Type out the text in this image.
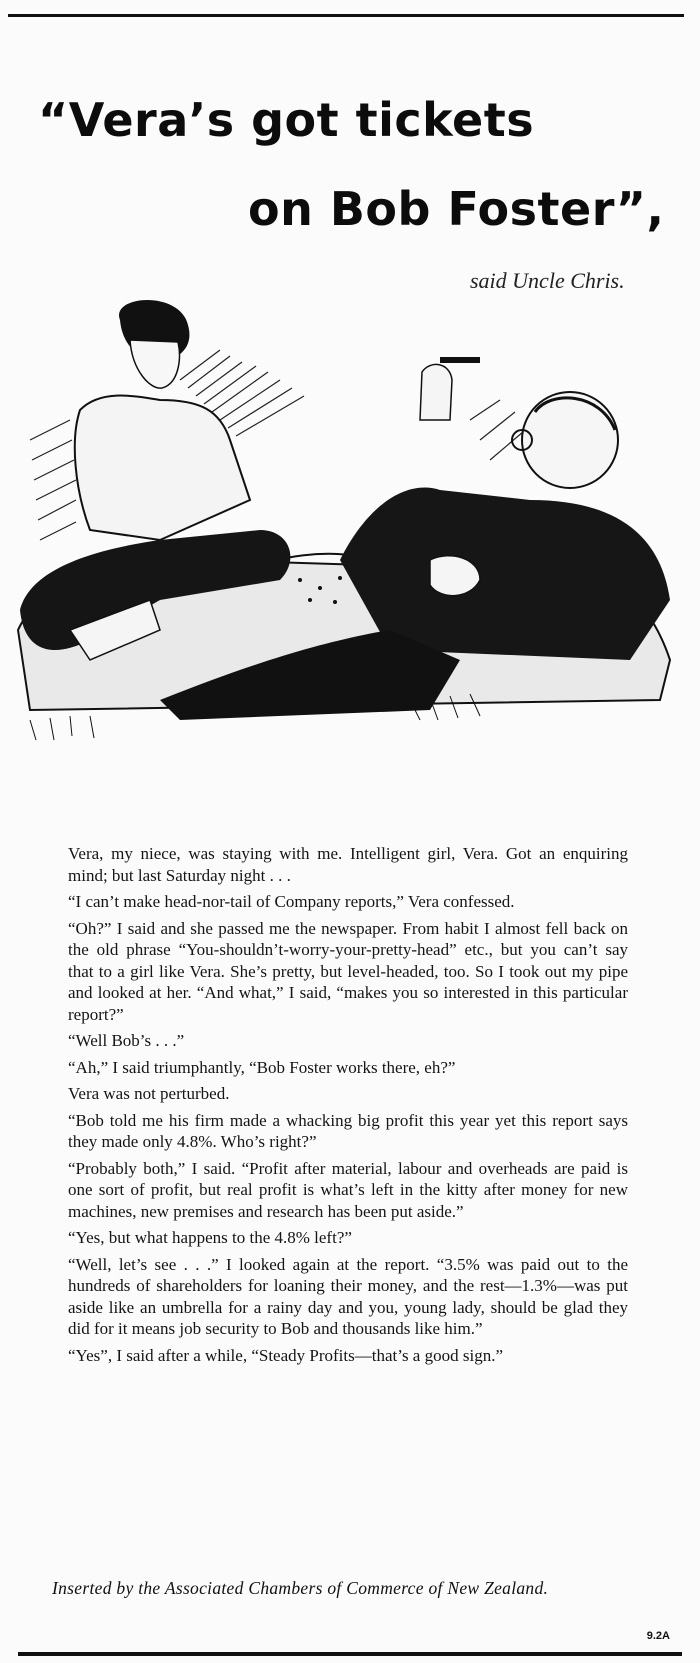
“Vera’s got tickets
on Bob Foster”,
said Uncle Chris.

Vera, my niece, was staying with me. Intelligent girl, Vera. Got an enquiring mind; but last Saturday night . . .

“I can’t make head-nor-tail of Company reports,” Vera confessed.

“Oh?” I said and she passed me the newspaper. From habit I almost fell back on the old phrase “You-shouldn’t-worry-your-pretty-head” etc., but you can’t say that to a girl like Vera. She’s pretty, but level-headed, too. So I took out my pipe and looked at her. “And what,” I said, “makes you so interested in this particular report?”

“Well Bob’s . . .”

“Ah,” I said triumphantly, “Bob Foster works there, eh?”

Vera was not perturbed.

“Bob told me his firm made a whacking big profit this year yet this report says they made only 4.8%. Who’s right?”

“Probably both,” I said. “Profit after material, labour and overheads are paid is one sort of profit, but real profit is what’s left in the kitty after money for new machines, new premises and research has been put aside.”

“Yes, but what happens to the 4.8% left?”

“Well, let’s see . . .” I looked again at the report. “3.5% was paid out to the hundreds of shareholders for loaning their money, and the rest—1.3%—was put aside like an umbrella for a rainy day and you, young lady, should be glad they did for it means job security to Bob and thousands like him.”

“Yes”, I said after a while, “Steady Profits—that’s a good sign.”

Inserted by the Associated Chambers of Commerce of New Zealand.
9.2A
